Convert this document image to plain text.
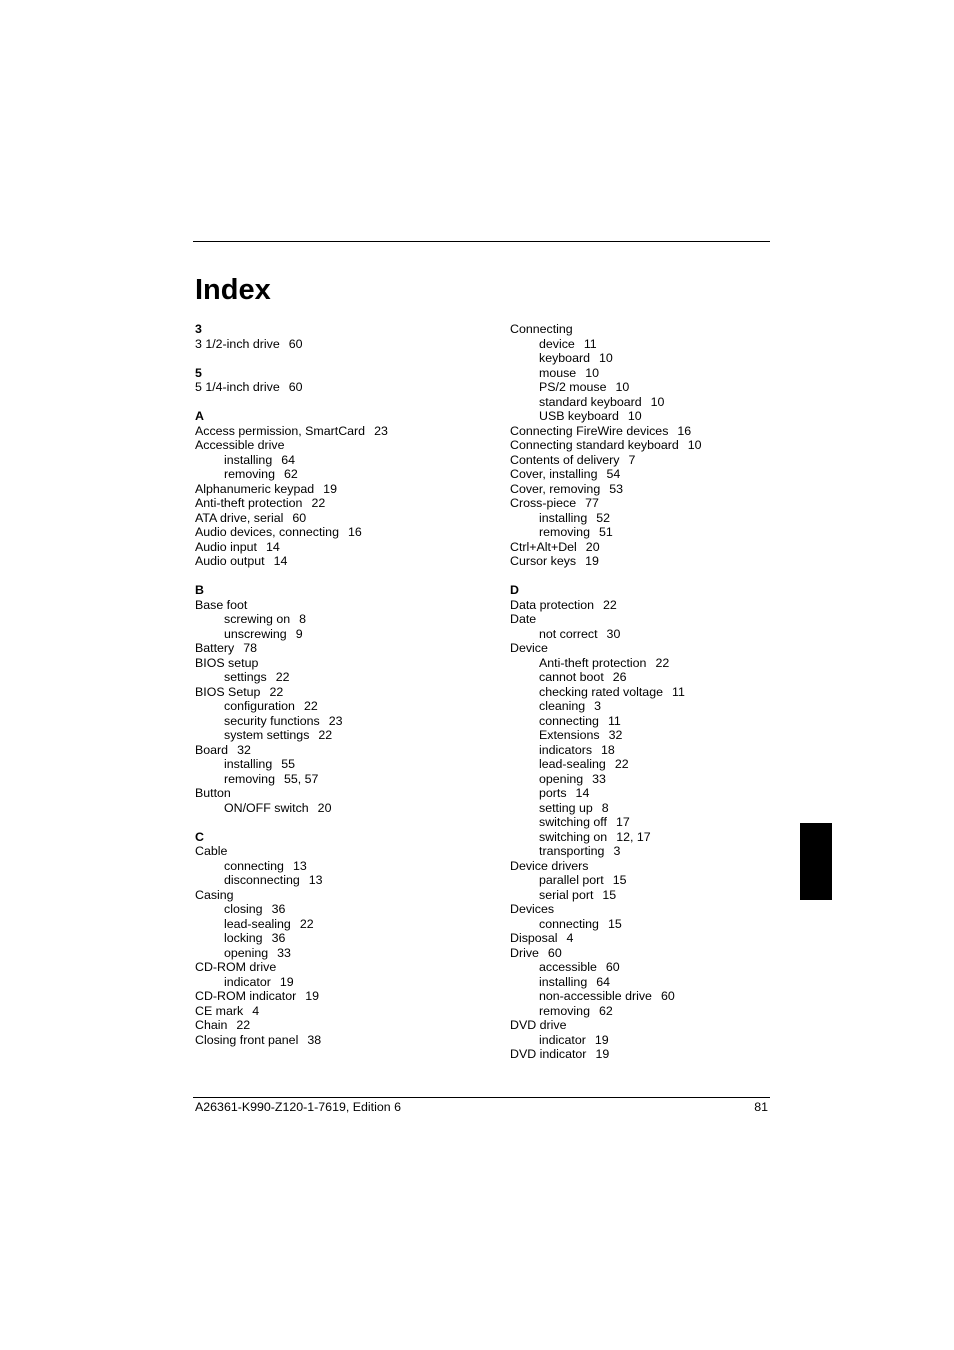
Index
3
3 1/2-inch drive 60
5
5 1/4-inch drive 60
A
Access permission, SmartCard 23
Accessible drive
installing 64
removing 62
Alphanumeric keypad 19
Anti-theft protection 22
ATA drive, serial 60
Audio devices, connecting 16
Audio input 14
Audio output 14
B
Base foot
screwing on 8
unscrewing 9
Battery 78
BIOS setup
settings 22
BIOS Setup 22
configuration 22
security functions 23
system settings 22
Board 32
installing 55
removing 55, 57
Button
ON/OFF switch 20
C
Cable
connecting 13
disconnecting 13
Casing
closing 36
lead-sealing 22
locking 36
opening 33
CD-ROM drive
indicator 19
CD-ROM indicator 19
CE mark 4
Chain 22
Closing front panel 38
Connecting
device 11
keyboard 10
mouse 10
PS/2 mouse 10
standard keyboard 10
USB keyboard 10
Connecting FireWire devices 16
Connecting standard keyboard 10
Contents of delivery 7
Cover, installing 54
Cover, removing 53
Cross-piece 77
installing 52
removing 51
Ctrl+Alt+Del 20
Cursor keys 19
D
Data protection 22
Date
not correct 30
Device
Anti-theft protection 22
cannot boot 26
checking rated voltage 11
cleaning 3
connecting 11
Extensions 32
indicators 18
lead-sealing 22
opening 33
ports 14
setting up 8
switching off 17
switching on 12, 17
transporting 3
Device drivers
parallel port 15
serial port 15
Devices
connecting 15
Disposal 4
Drive 60
accessible 60
installing 64
non-accessible drive 60
removing 62
DVD drive
indicator 19
DVD indicator 19
A26361-K990-Z120-1-7619, Edition 6	81
